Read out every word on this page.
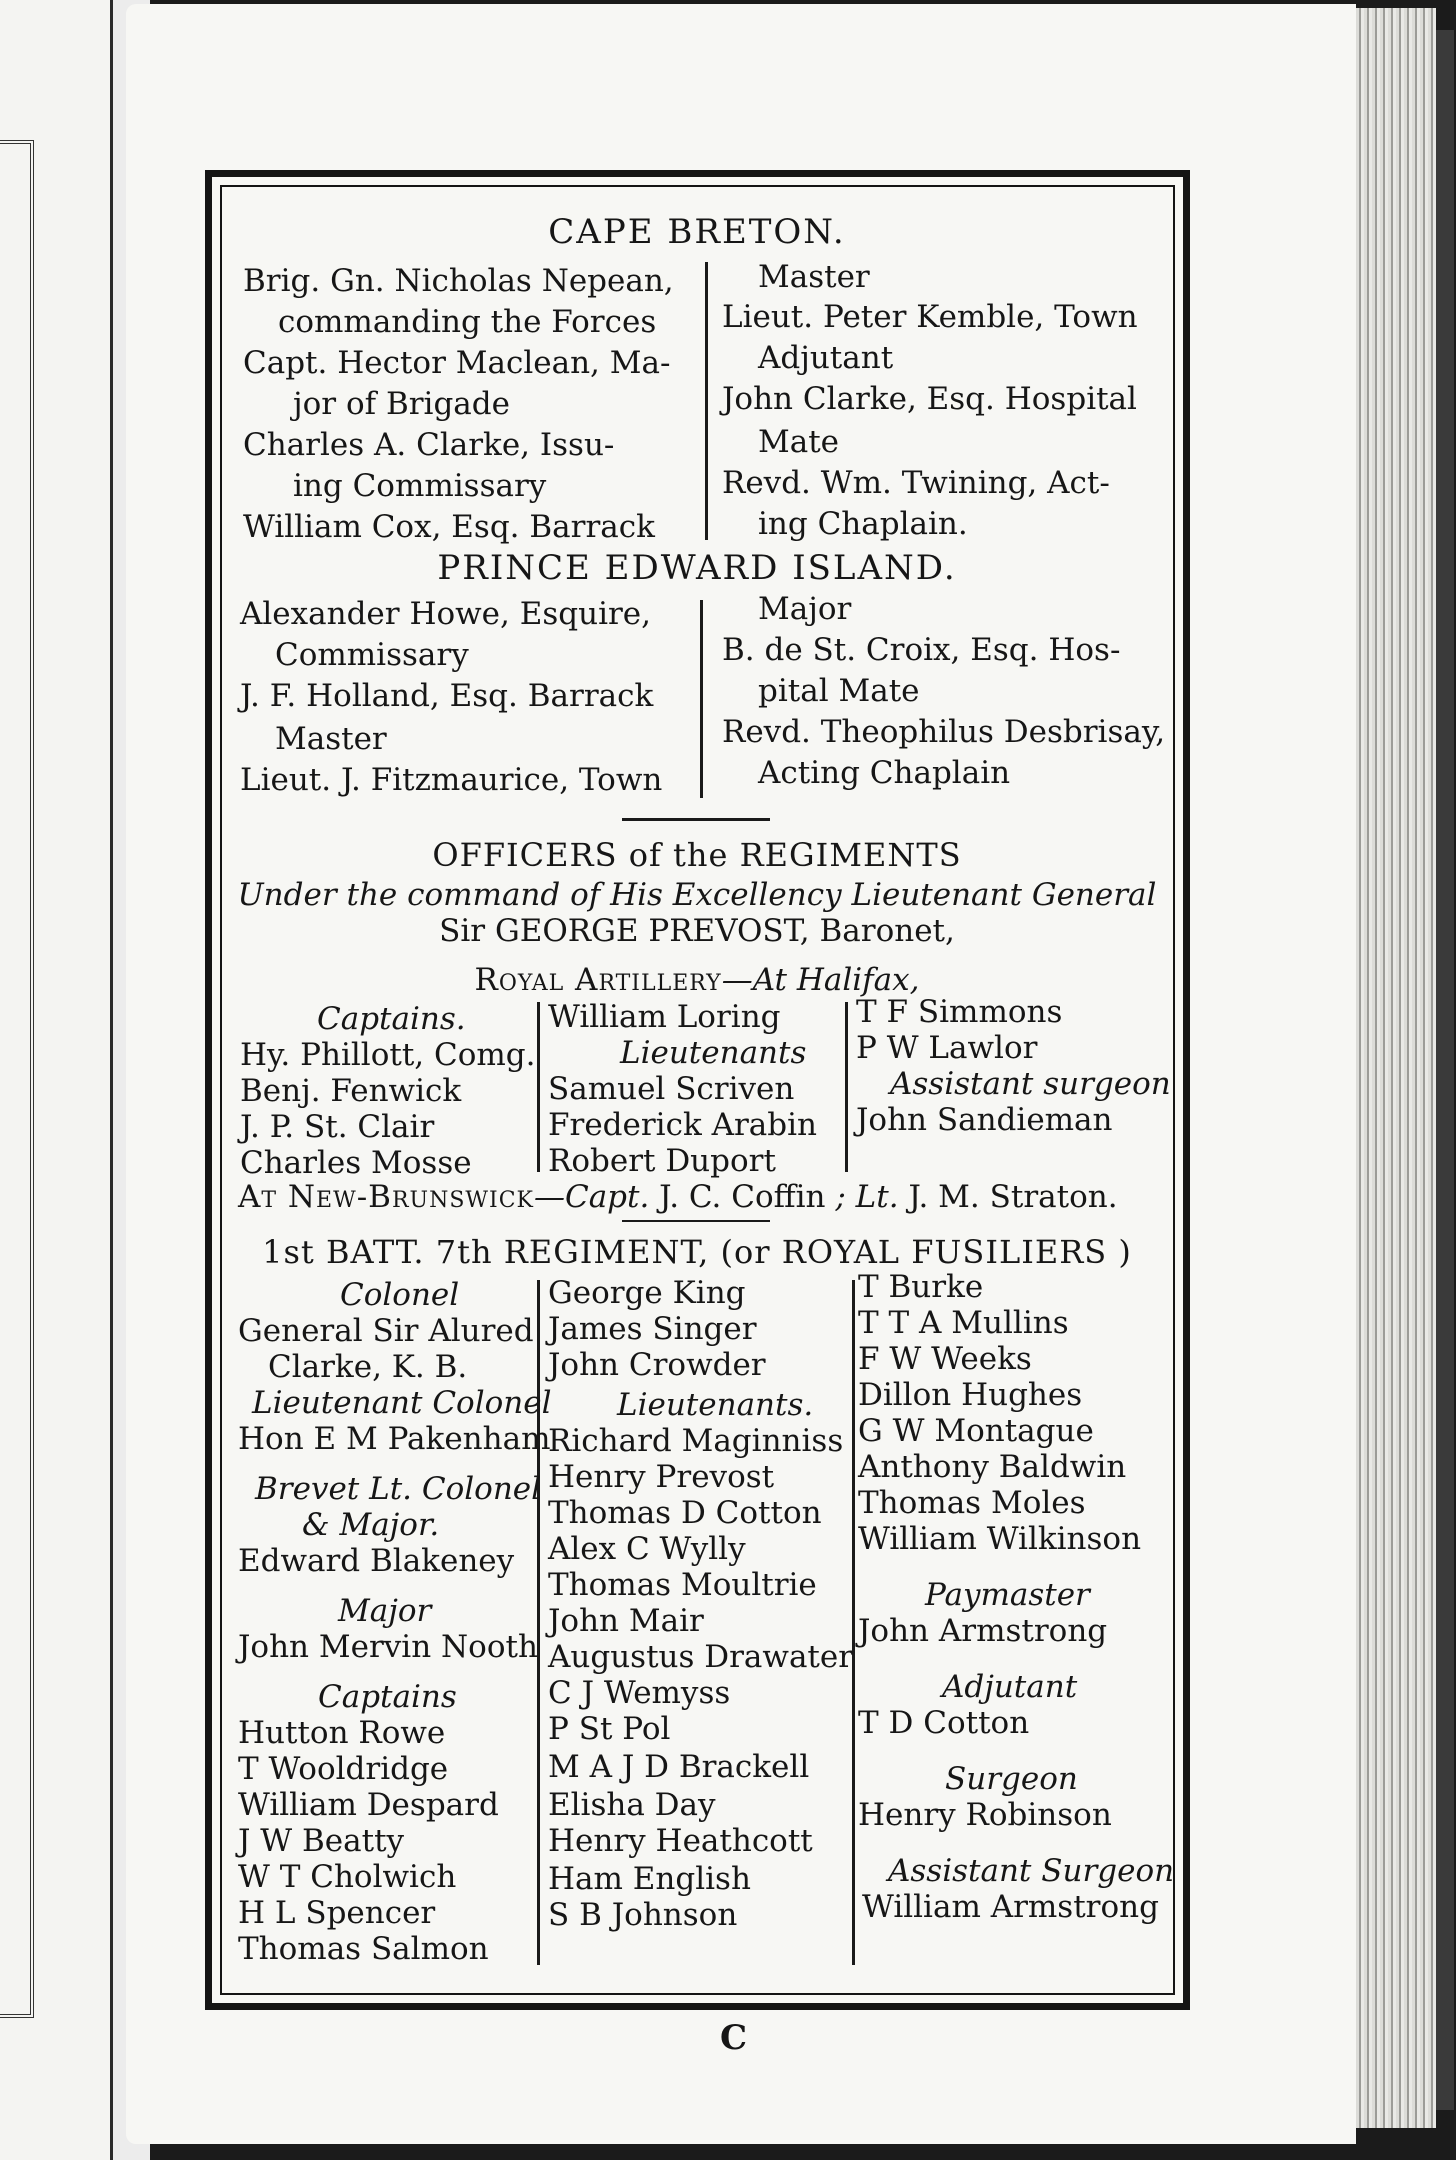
CAPE BRETON.
Brig. Gn. Nicholas Nepean,
commanding the Forces
Capt. Hector Maclean, Ma-
jor of Brigade
Charles A. Clarke, Issu-
ing Commissary
William Cox, Esq. Barrack
Master
Lieut. Peter Kemble, Town
Adjutant
John Clarke, Esq. Hospital
Mate
Revd. Wm. Twining, Act-
ing Chaplain.
PRINCE EDWARD ISLAND.
Alexander Howe, Esquire,
Commissary
J. F. Holland, Esq. Barrack
Master
Lieut. J. Fitzmaurice, Town
Major
B. de St. Croix, Esq. Hos-
pital Mate
Revd. Theophilus Desbrisay,
Acting Chaplain
OFFICERS of the REGIMENTS
Under the command of His Excellency Lieutenant General
Sir GEORGE PREVOST, Baronet,
Royal Artillery—At Halifax,
Captains.
Hy. Phillott, Comg.
Benj. Fenwick
J. P. St. Clair
Charles Mosse
William Loring
Lieutenants
Samuel Scriven
Frederick Arabin
Robert Duport
T F Simmons
P W Lawlor
Assistant surgeon
John Sandieman
At New-Brunswick—Capt. J. C. Coffin ; Lt. J. M. Straton.
1st BATT. 7th REGIMENT, (or ROYAL FUSILIERS )
Colonel
General Sir Alured
Clarke, K. B.
Lieutenant Colonel
Hon E M Pakenham
Brevet Lt. Colonel
& Major.
Edward Blakeney
Major
John Mervin Nooth
Captains
Hutton Rowe
T Wooldridge
William Despard
J W Beatty
W T Cholwich
H L Spencer
Thomas Salmon
George King
James Singer
John Crowder
Lieutenants.
Richard Maginniss
Henry Prevost
Thomas D Cotton
Alex C Wylly
Thomas Moultrie
John Mair
Augustus Drawater
C J Wemyss
P St Pol
M A J D Brackell
Elisha Day
Henry Heathcott
Ham English
S B Johnson
T Burke
T T A Mullins
F W Weeks
Dillon Hughes
G W Montague
Anthony Baldwin
Thomas Moles
William Wilkinson
Paymaster
John Armstrong
Adjutant
T D Cotton
Surgeon
Henry Robinson
Assistant Surgeon
William Armstrong
C
